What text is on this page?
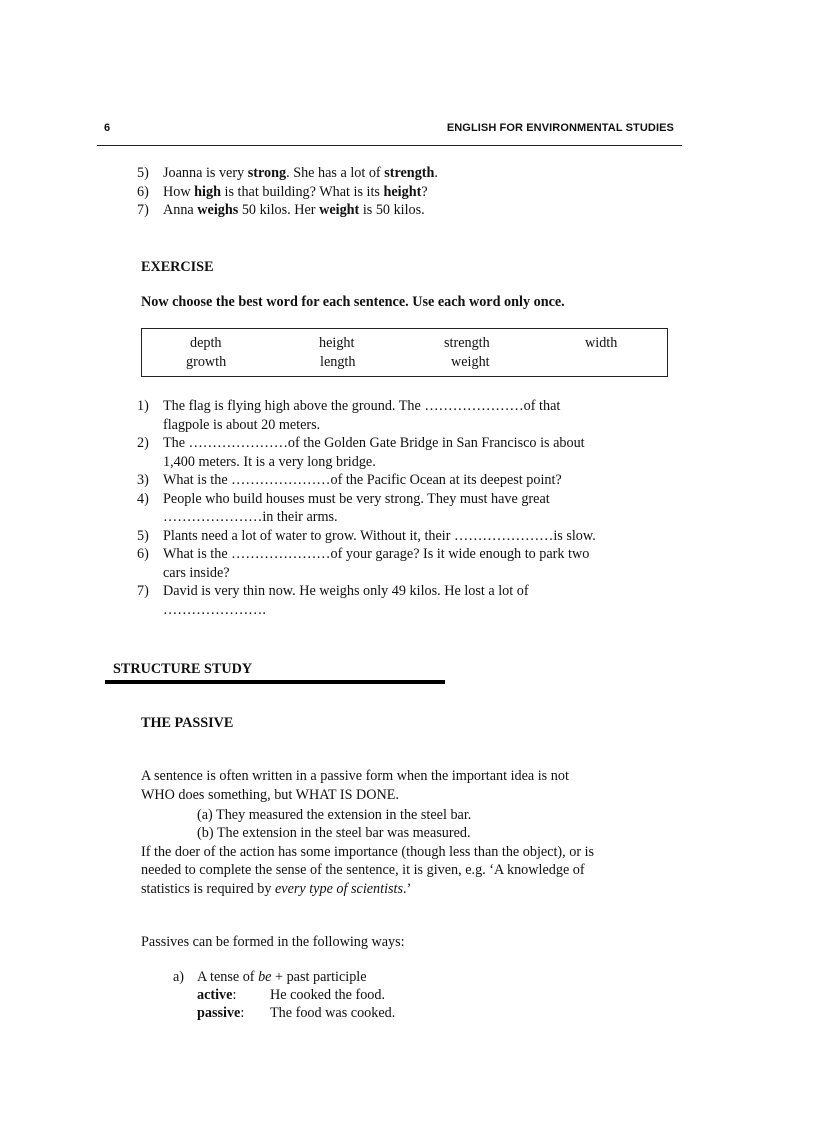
6	ENGLISH FOR ENVIRONMENTAL STUDIES
5) Joanna is very strong. She has a lot of strength.
6) How high is that building? What is its height?
7) Anna weighs 50 kilos. Her weight is 50 kilos.
EXERCISE
Now choose the best word for each sentence. Use each word only once.
depth	height	strength	width
growth	length	weight
1) The flag is flying high above the ground. The …………………of that
flagpole is about 20 meters.
2) The …………………of the Golden Gate Bridge in San Francisco is about
1,400 meters. It is a very long bridge.
3) What is the …………………of the Pacific Ocean at its deepest point?
4) People who build houses must be very strong. They must have great
…………………in their arms.
5) Plants need a lot of water to grow. Without it, their …………………is slow.
6) What is the …………………of your garage? Is it wide enough to park two
cars inside?
7) David is very thin now. He weighs only 49 kilos. He lost a lot of
………………….
STRUCTURE STUDY
THE PASSIVE
A sentence is often written in a passive form when the important idea is not
WHO does something, but WHAT IS DONE.
(a) They measured the extension in the steel bar.
(b) The extension in the steel bar was measured.
If the doer of the action has some importance (though less than the object), or is
needed to complete the sense of the sentence, it is given, e.g. ‘A knowledge of
statistics is required by every type of scientists.’
Passives can be formed in the following ways:
a) A tense of be + past participle
active: He cooked the food.
passive: The food was cooked.
